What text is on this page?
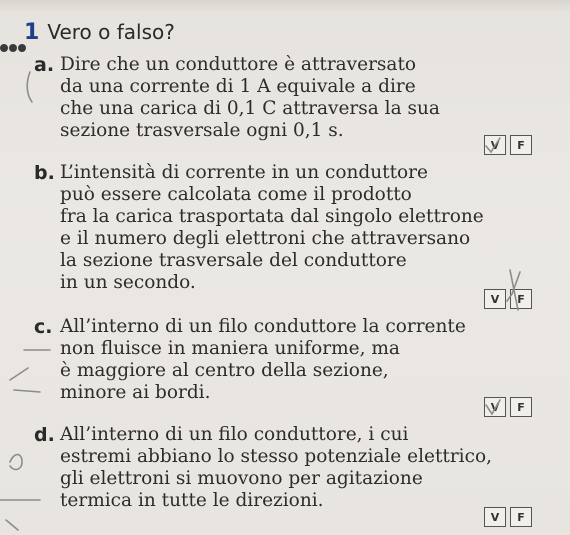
1 Vero o falso?
a. Dire che un conduttore è attraversato
da una corrente di 1 A equivale a dire
che una carica di 0,1 C attraversa la sua
sezione trasversale ogni 0,1 s.
V	F
b. L’intensità di corrente in un conduttore
può essere calcolata come il prodotto
fra la carica trasportata dal singolo elettrone
e il numero degli elettroni che attraversano
la sezione trasversale del conduttore
in un secondo.
V	F
c. All’interno di un filo conduttore la corrente
non fluisce in maniera uniforme, ma
è maggiore al centro della sezione,
minore ai bordi.
V	F
d. All’interno di un filo conduttore, i cui
estremi abbiano lo stesso potenziale elettrico,
gli elettroni si muovono per agitazione
termica in tutte le direzioni.
V	F
